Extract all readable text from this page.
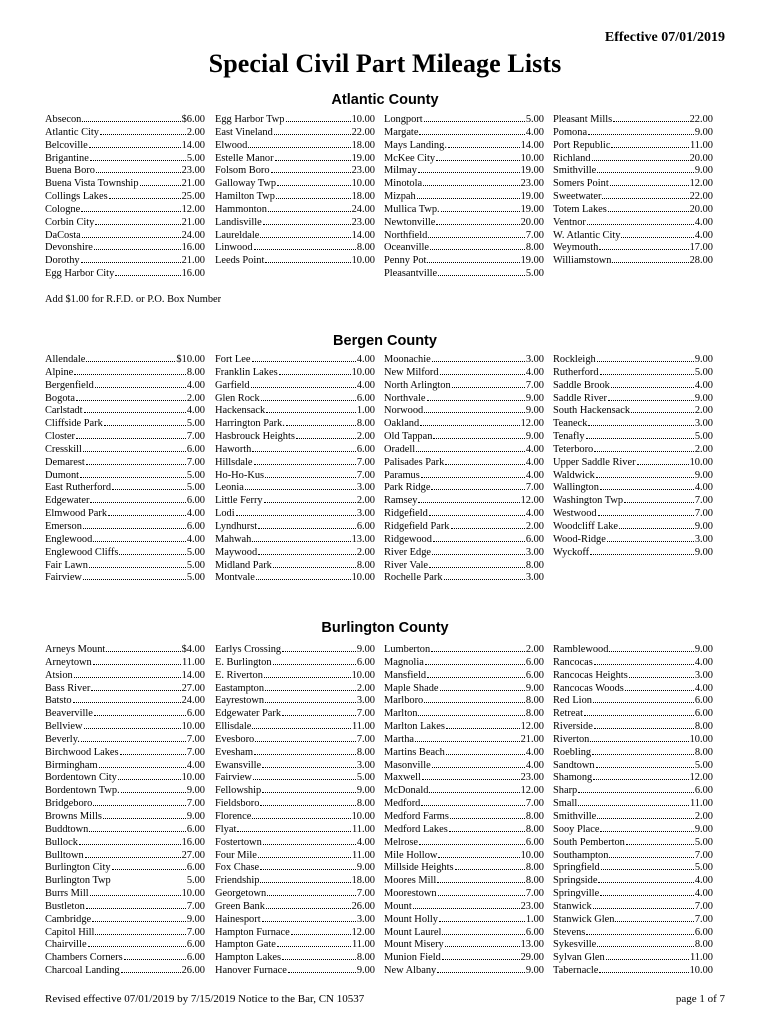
Effective 07/01/2019
Special Civil Part Mileage Lists
Atlantic County
Absecon	$6.00
Atlantic City	2.00
Belcoville	14.00
Brigantine	5.00
Buena Boro	23.00
Buena Vista Township	21.00
Collings Lakes	25.00
Cologne	12.00
Corbin City	21.00
DaCosta	24.00
Devonshire	16.00
Dorothy	21.00
Egg Harbor City	16.00
Egg Harbor Twp	10.00
East Vineland	22.00
Elwood	18.00
Estelle Manor	19.00
Folsom Boro	23.00
Galloway Twp	10.00
Hamilton Twp	18.00
Hammonton	24.00
Landisville	23.00
Laureldale	14.00
Linwood	8.00
Leeds Point	10.00
Longport	5.00
Margate	4.00
Mays Landing.	14.00
McKee City	10.00
Milmay	19.00
Minotola	23.00
Mizpah	19.00
Mullica Twp.	19.00
Newtonville	20.00
Northfield	7.00
Oceanville	8.00
Penny Pot	19.00
Pleasantville	5.00
Pleasant Mills	22.00
Pomona	9.00
Port Republic	11.00
Richland	20.00
Smithville	9.00
Somers Point	12.00
Sweetwater	22.00
Totem Lakes	20.00
Ventnor	4.00
W. Atlantic City	4.00
Weymouth	17.00
Williamstown	28.00
Add $1.00 for R.F.D. or P.O. Box Number
Bergen County
Allendale	$10.00
Alpine	8.00
Bergenfield	4.00
Bogota	2.00
Carlstadt	4.00
Cliffside Park	5.00
Closter	7.00
Cresskill	6.00
Demarest	7.00
Dumont	5.00
East Rutherford	5.00
Edgewater	6.00
Elmwood Park	4.00
Emerson	6.00
Englewood	4.00
Englewood Cliffs	5.00
Fair Lawn	5.00
Fairview	5.00
Fort Lee	4.00
Franklin Lakes	10.00
Garfield	4.00
Glen Rock	6.00
Hackensack	1.00
Harrington Park.	8.00
Hasbrouck Heights	2.00
Haworth	6.00
Hillsdale	7.00
Ho-Ho-Kus	7.00
Leonia	3.00
Little Ferry	2.00
Lodi	3.00
Lyndhurst	6.00
Mahwah	13.00
Maywood	2.00
Midland Park	8.00
Montvale	10.00
Moonachie	3.00
New Milford	4.00
North Arlington	7.00
Northvale	9.00
Norwood	9.00
Oakland	12.00
Old Tappan	9.00
Oradell	4.00
Palisades Park	4.00
Paramus	4.00
Park Ridge	7.00
Ramsey	12.00
Ridgefield	4.00
Ridgefield Park	2.00
Ridgewood	6.00
River Edge	3.00
River Vale	8.00
Rochelle Park	3.00
Rockleigh	9.00
Rutherford	5.00
Saddle Brook	4.00
Saddle River	9.00
South Hackensack	2.00
Teaneck	3.00
Tenafly	5.00
Teterboro	2.00
Upper Saddle River	10.00
Waldwick	9.00
Wallington	4.00
Washington Twp	7.00
Westwood	7.00
Woodcliff Lake	9.00
Wood-Ridge	3.00
Wyckoff	9.00
Burlington County
Arneys Mount	$4.00
Arneytown	11.00
Atsion	14.00
Bass River	27.00
Batsto	24.00
Beaverville	6.00
Bellview	10.00
Beverly.	7.00
Birchwood Lakes	7.00
Birmingham	4.00
Bordentown City	10.00
Bordentown Twp.	9.00
Bridgeboro	7.00
Browns Mills	9.00
Buddtown	6.00
Bullock	16.00
Bulltown	27.00
Burlington City	6.00
Burlington Twp	5.00
Burrs Mill	10.00
Bustleton	7.00
Cambridge	9.00
Capitol Hill	7.00
Chairville	6.00
Chambers Corners	6.00
Charcoal Landing	26.00
Earlys Crossing	9.00
E. Burlington	6.00
E. Riverton	10.00
Eastampton	2.00
Eayrestown	3.00
Edgewater Park	7.00
Ellisdale	11.00
Evesboro	7.00
Evesham	8.00
Ewansville	3.00
Fairview	5.00
Fellowship	9.00
Fieldsboro	8.00
Florence	10.00
Flyat	11.00
Fostertown	4.00
Four Mile	11.00
Fox Chase	9.00
Friendship	18.00
Georgetown	7.00
Green Bank	26.00
Hainesport	3.00
Hampton Furnace	12.00
Hampton Gate	11.00
Hampton Lakes	8.00
Hanover Furnace	9.00
Lumberton	2.00
Magnolia	6.00
Mansfield	6.00
Maple Shade	9.00
Marlboro	8.00
Marlton	8.00
Marlton Lakes	12.00
Martha	21.00
Martins Beach	4.00
Masonville	4.00
Maxwell	23.00
McDonald	12.00
Medford	7.00
Medford Farms	8.00
Medford Lakes	8.00
Melrose	6.00
Mile Hollow	10.00
Millside Heights	8.00
Moores Mill	8.00
Moorestown	7.00
Mount	23.00
Mount Holly	1.00
Mount Laurel	6.00
Mount Misery	13.00
Munion Field	29.00
New Albany	9.00
Ramblewood	9.00
Rancocas	4.00
Rancocas Heights	3.00
Rancocas Woods	4.00
Red Lion	6.00
Retreat	6.00
Riverside	8.00
Riverton	10.00
Roebling	8.00
Sandtown	5.00
Shamong	12.00
Sharp	6.00
Small	11.00
Smithville	2.00
Sooy Place	9.00
South Pemberton	5.00
Southampton	7.00
Springfield	5.00
Springside	4.00
Springville	4.00
Stanwick	7.00
Stanwick Glen	7.00
Stevens	6.00
Sykesville	8.00
Sylvan Glen	11.00
Tabernacle	10.00
Revised effective 07/01/2019 by 7/15/2019 Notice to the Bar, CN 10537	page 1 of 7
